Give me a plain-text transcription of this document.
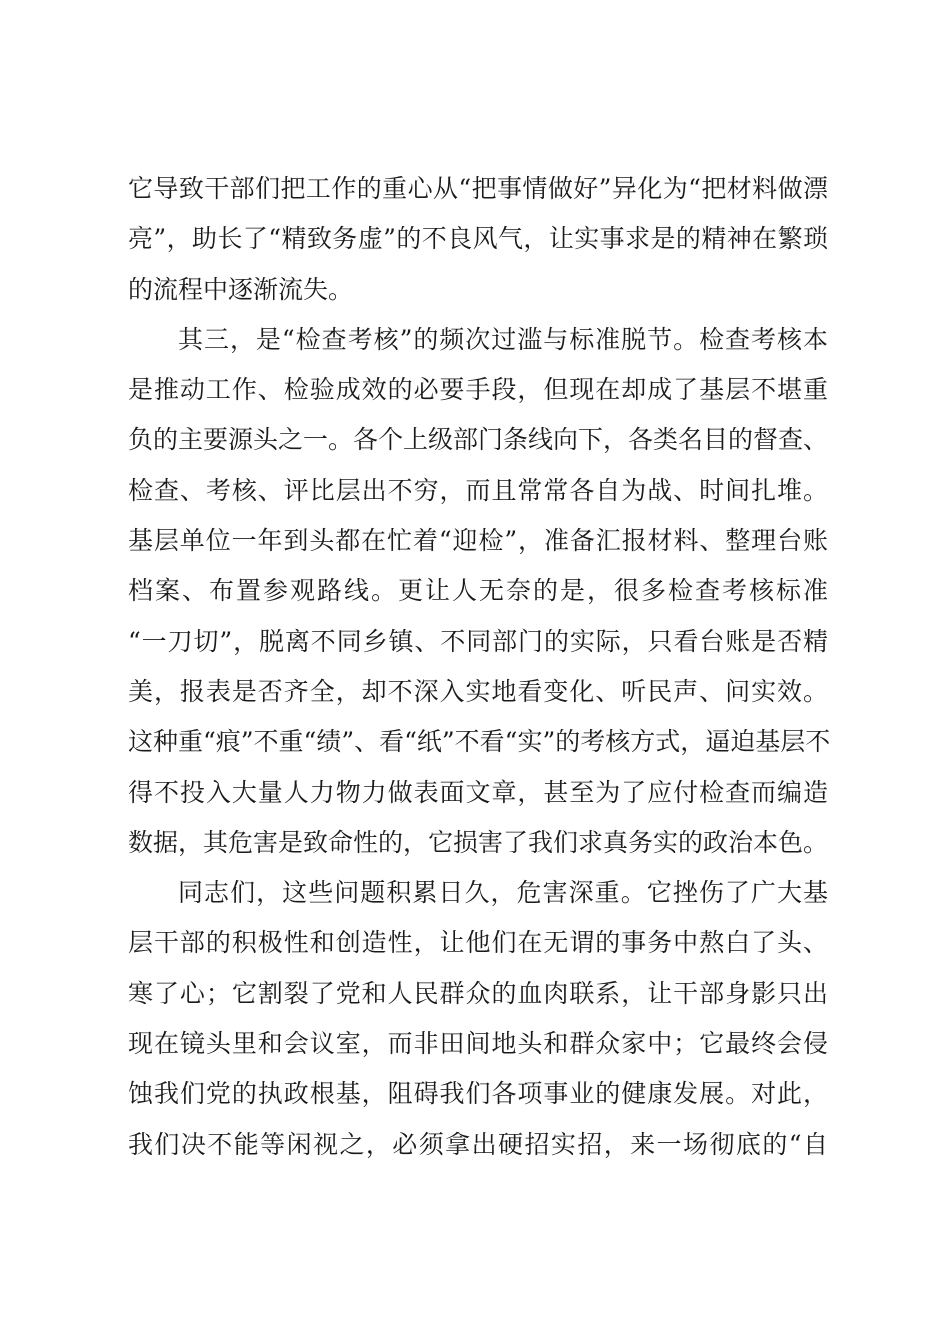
它导致干部们把工作的重心从“把事情做好”异化为“把材料做漂
亮”，助长了“精致务虚”的不良风气，让实事求是的精神在繁琐
的流程中逐渐流失。
其三，是“检查考核”的频次过滥与标准脱节。检查考核本
是推动工作、检验成效的必要手段，但现在却成了基层不堪重
负的主要源头之一。各个上级部门条线向下，各类名目的督查、
检查、考核、评比层出不穷，而且常常各自为战、时间扎堆。
基层单位一年到头都在忙着“迎检”，准备汇报材料、整理台账
档案、布置参观路线。更让人无奈的是，很多检查考核标准
“一刀切”，脱离不同乡镇、不同部门的实际，只看台账是否精
美，报表是否齐全，却不深入实地看变化、听民声、问实效。
这种重“痕”不重“绩”、看“纸”不看“实”的考核方式，逼迫基层不
得不投入大量人力物力做表面文章，甚至为了应付检查而编造
数据，其危害是致命性的，它损害了我们求真务实的政治本色。
同志们，这些问题积累日久，危害深重。它挫伤了广大基
层干部的积极性和创造性，让他们在无谓的事务中熬白了头、
寒了心；它割裂了党和人民群众的血肉联系，让干部身影只出
现在镜头里和会议室，而非田间地头和群众家中；它最终会侵
蚀我们党的执政根基，阻碍我们各项事业的健康发展。对此，
我们决不能等闲视之，必须拿出硬招实招，来一场彻底的“自
